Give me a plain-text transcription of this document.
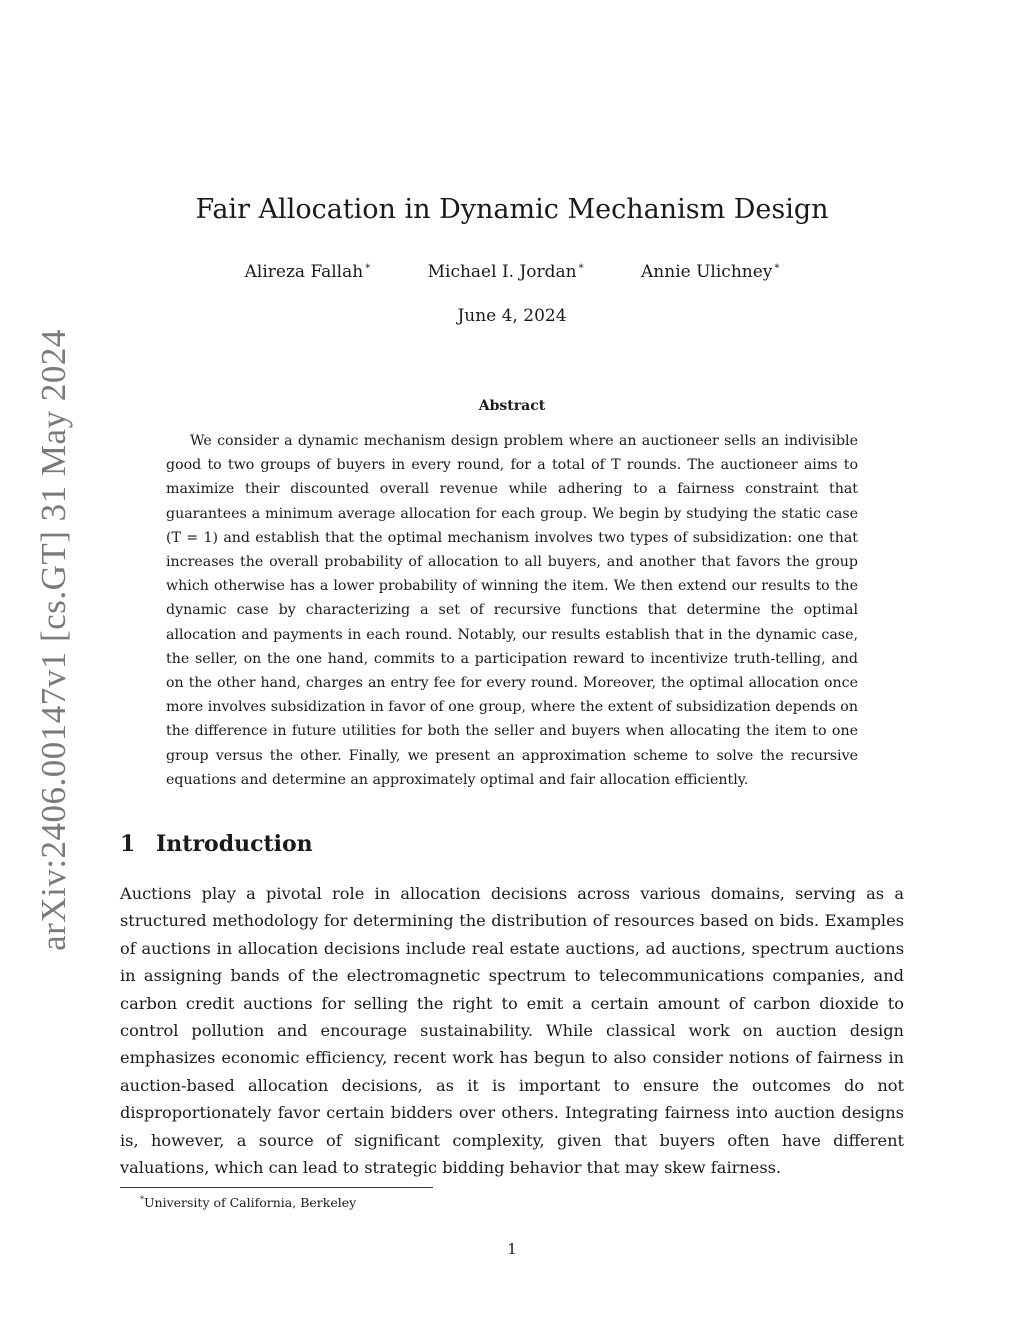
arXiv:2406.00147v1 [cs.GT] 31 May 2024
Fair Allocation in Dynamic Mechanism Design
Alireza Fallah *	Michael I. Jordan *	Annie Ulichney *
June 4, 2024
Abstract

We consider a dynamic mechanism design problem where an auctioneer sells an indivisible good to two groups of buyers in every round, for a total of T rounds. The auctioneer aims to maximize their discounted overall revenue while adhering to a fairness constraint that guarantees a minimum average allocation for each group. We begin by studying the static case (T = 1) and establish that the optimal mechanism involves two types of subsidization: one that increases the overall probability of allocation to all buyers, and another that favors the group which otherwise has a lower probability of winning the item. We then extend our results to the dynamic case by characterizing a set of recursive functions that determine the optimal allocation and payments in each round. Notably, our results establish that in the dynamic case, the seller, on the one hand, commits to a participation reward to incentivize truth-telling, and on the other hand, charges an entry fee for every round. Moreover, the optimal allocation once more involves subsidization in favor of one group, where the extent of subsidization depends on the difference in future utilities for both the seller and buyers when allocating the item to one group versus the other. Finally, we present an approximation scheme to solve the recursive equations and determine an approximately optimal and fair allocation efficiently.

1 Introduction

Auctions play a pivotal role in allocation decisions across various domains, serving as a structured methodology for determining the distribution of resources based on bids. Examples of auctions in allocation decisions include real estate auctions, ad auctions, spectrum auctions in assigning bands of the electromagnetic spectrum to telecommunications companies, and carbon credit auctions for selling the right to emit a certain amount of carbon dioxide to control pollution and encourage sustainability. While classical work on auction design emphasizes economic efficiency, recent work has begun to also consider notions of fairness in auction-based allocation decisions, as it is important to ensure the outcomes do not disproportionately favor certain bidders over others. Integrating fairness into auction designs is, however, a source of significant complexity, given that buyers often have different valuations, which can lead to strategic bidding behavior that may skew fairness.

*University of California, Berkeley
1
